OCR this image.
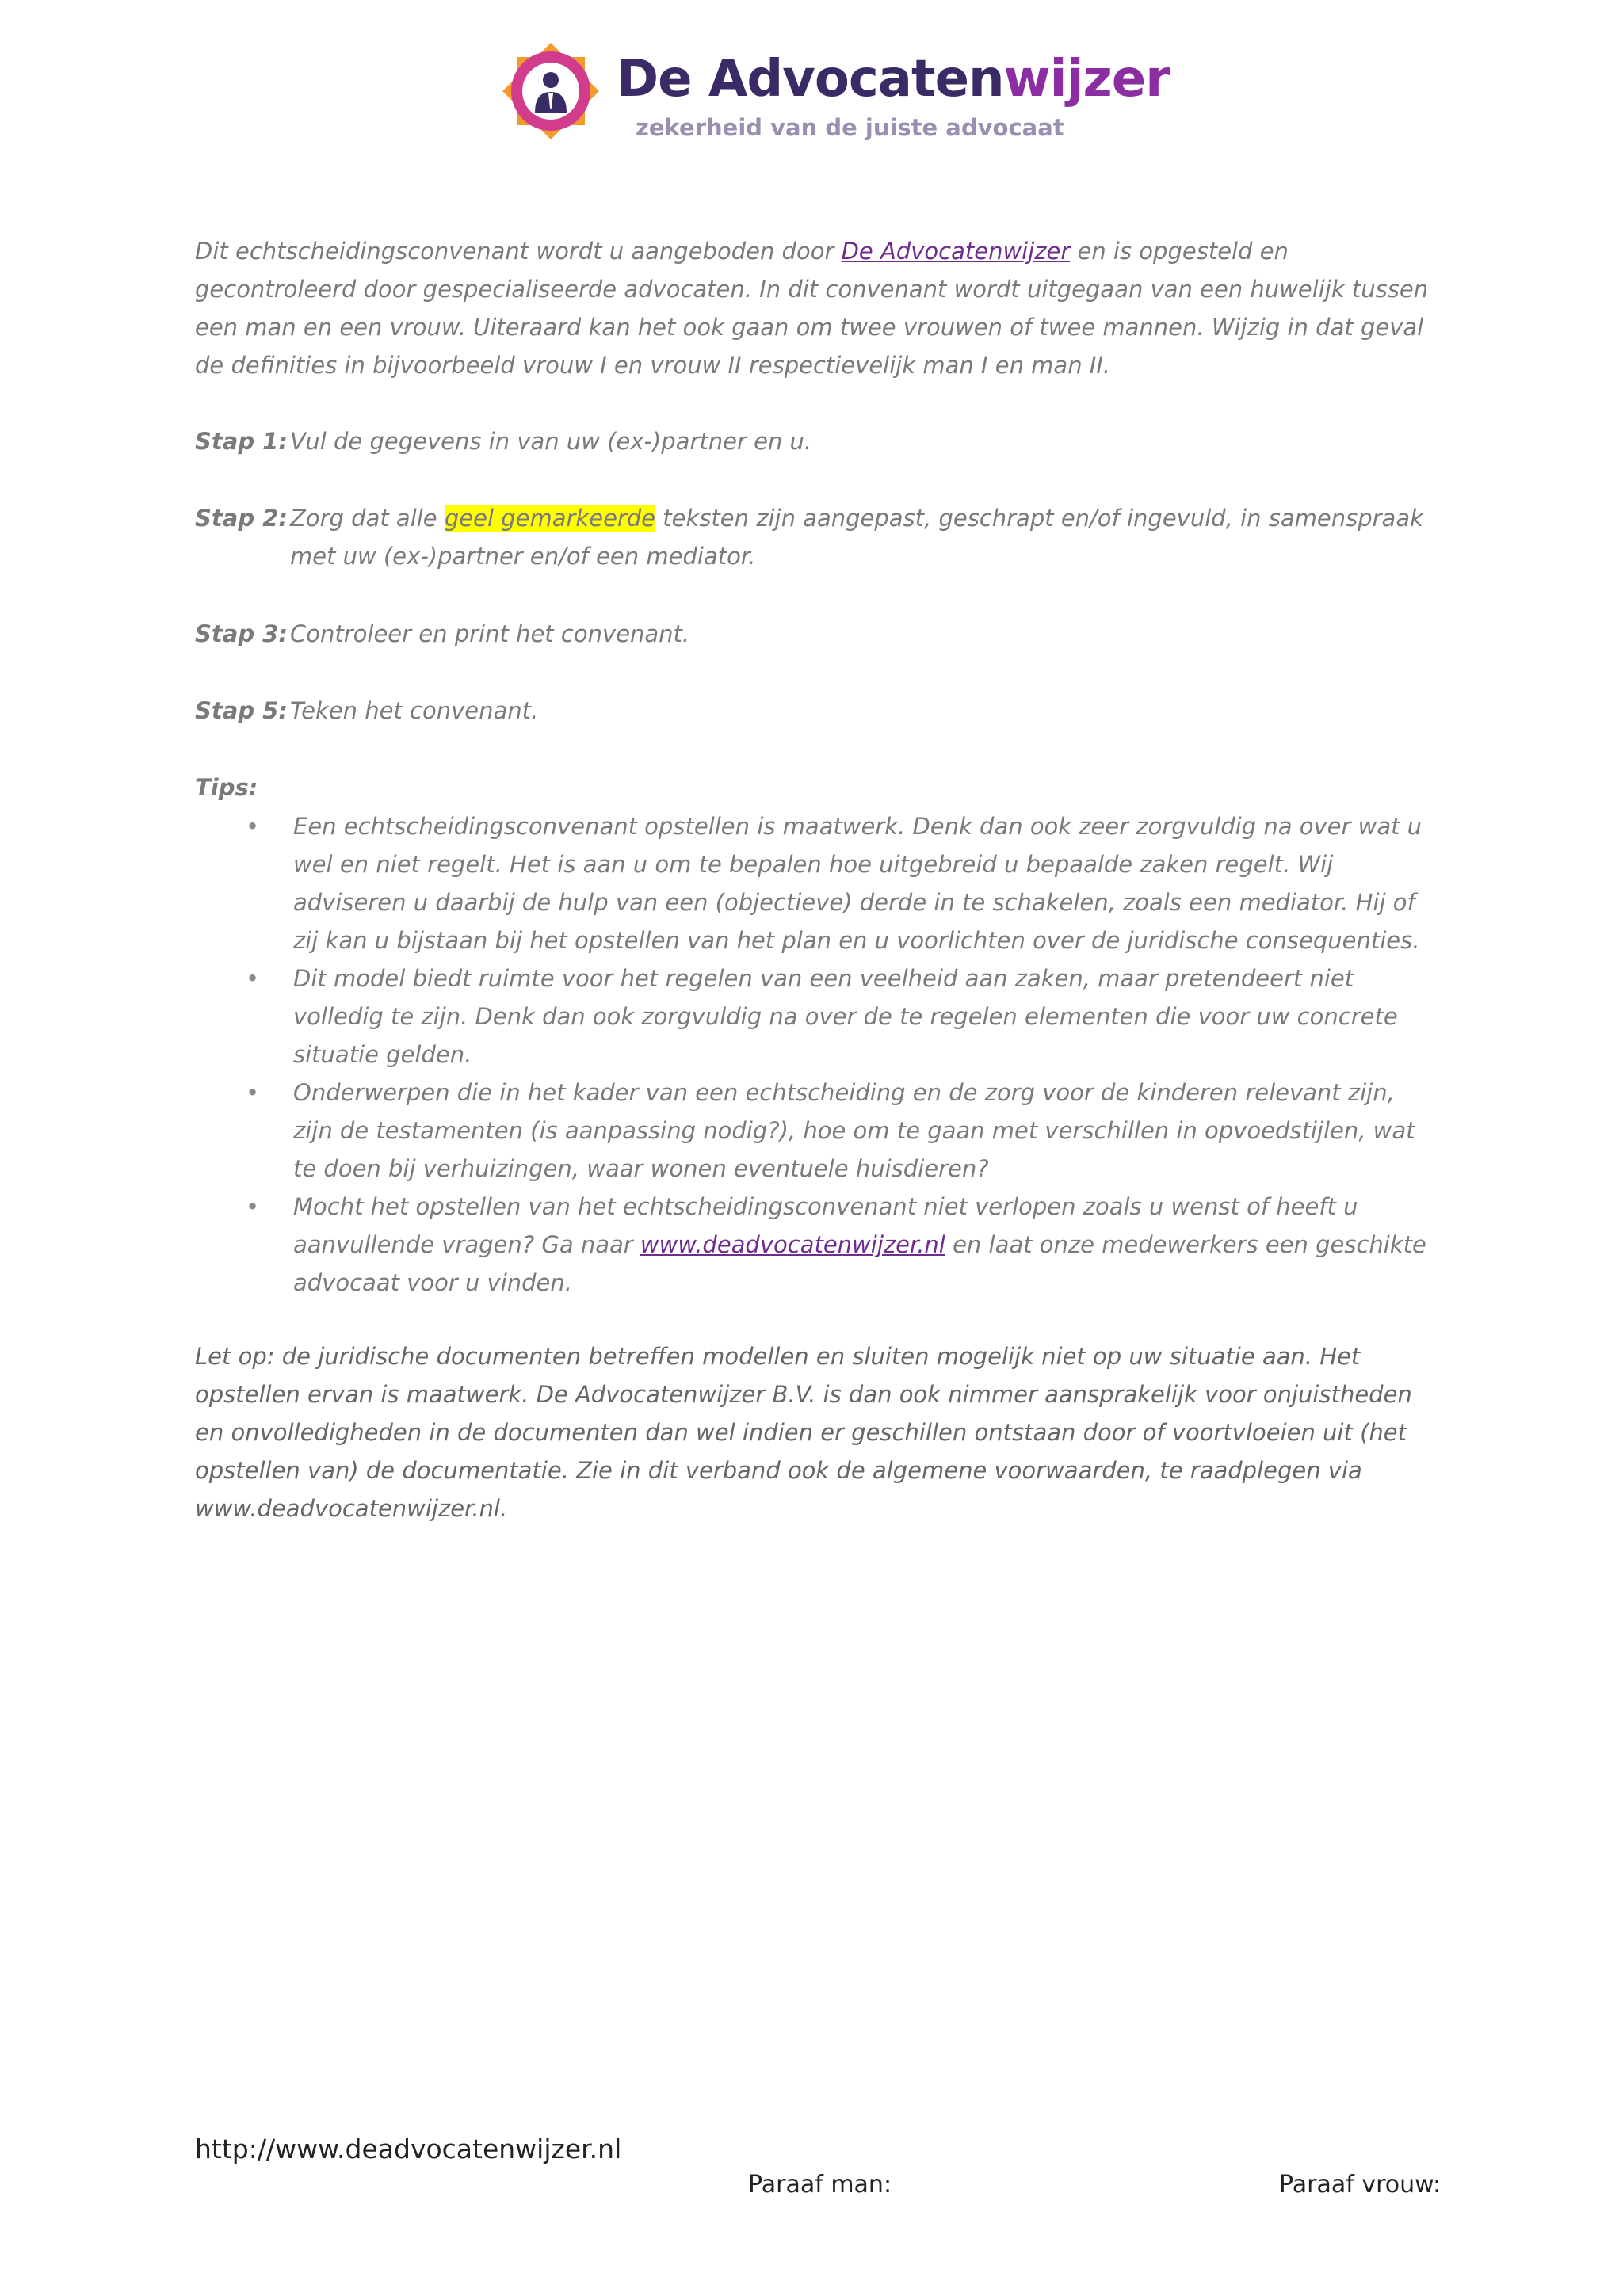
De Advocatenwijzer
zekerheid van de juiste advocaat

Dit echtscheidingsconvenant wordt u aangeboden door De Advocatenwijzer en is opgesteld en gecontroleerd door gespecialiseerde advocaten. In dit convenant wordt uitgegaan van een huwelijk tussen een man en een vrouw. Uiteraard kan het ook gaan om twee vrouwen of twee mannen. Wijzig in dat geval de definities in bijvoorbeeld vrouw I en vrouw II respectievelijk man I en man II.

Stap 1: Vul de gegevens in van uw (ex-)partner en u.
Stap 2: Zorg dat alle geel gemarkeerde teksten zijn aangepast, geschrapt en/of ingevuld, in samenspraak met uw (ex-)partner en/of een mediator.
Stap 3: Controleer en print het convenant.
Stap 5: Teken het convenant.
Tips:
• Een echtscheidingsconvenant opstellen is maatwerk. Denk dan ook zeer zorgvuldig na over wat u wel en niet regelt. Het is aan u om te bepalen hoe uitgebreid u bepaalde zaken regelt. Wij adviseren u daarbij de hulp van een (objectieve) derde in te schakelen, zoals een mediator. Hij of zij kan u bijstaan bij het opstellen van het plan en u voorlichten over de juridische consequenties.
• Dit model biedt ruimte voor het regelen van een veelheid aan zaken, maar pretendeert niet volledig te zijn. Denk dan ook zorgvuldig na over de te regelen elementen die voor uw concrete situatie gelden.
• Onderwerpen die in het kader van een echtscheiding en de zorg voor de kinderen relevant zijn, zijn de testamenten (is aanpassing nodig?), hoe om te gaan met verschillen in opvoedstijlen, wat te doen bij verhuizingen, waar wonen eventuele huisdieren?
• Mocht het opstellen van het echtscheidingsconvenant niet verlopen zoals u wenst of heeft u aanvullende vragen? Ga naar www.deadvocatenwijzer.nl en laat onze medewerkers een geschikte advocaat voor u vinden.

Let op: de juridische documenten betreffen modellen en sluiten mogelijk niet op uw situatie aan. Het opstellen ervan is maatwerk. De Advocatenwijzer B.V. is dan ook nimmer aansprakelijk voor onjuistheden en onvolledigheden in de documenten dan wel indien er geschillen ontstaan door of voortvloeien uit (het opstellen van) de documentatie. Zie in dit verband ook de algemene voorwaarden, te raadplegen via www.deadvocatenwijzer.nl.

http://www.deadvocatenwijzer.nl
Paraaf man:	Paraaf vrouw:
